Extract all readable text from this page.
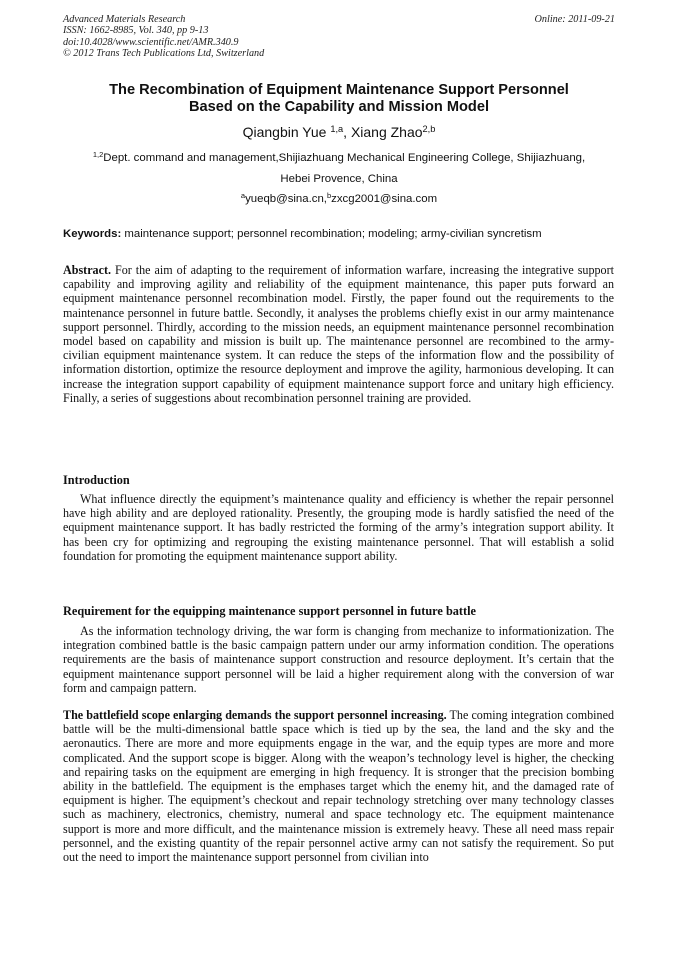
Advanced Materials Research
ISSN: 1662-8985, Vol. 340, pp 9-13
doi:10.4028/www.scientific.net/AMR.340.9
© 2012 Trans Tech Publications Ltd, Switzerland
Online: 2011-09-21
The Recombination of Equipment Maintenance Support Personnel
Based on the Capability and Mission Model
Qiangbin Yue $^{1,a}$, Xiang Zhao$^{2,b}$
$^{1,2}$Dept. command and management,Shijiazhuang Mechanical Engineering College, Shijiazhuang,
Hebei Provence, China
$^a$yueqb@sina.cn,$^b$zxcg2001@sina.com
Keywords: maintenance support; personnel recombination; modeling; army-civilian syncretism
Abstract. For the aim of adapting to the requirement of information warfare, increasing the integrative support capability and improving agility and reliability of the equipment maintenance, this paper puts forward an equipment maintenance personnel recombination model. Firstly, the paper found out the requirements to the maintenance personnel in future battle. Secondly, it analyses the problems chiefly exist in our army maintenance support personnel. Thirdly, according to the mission needs, an equipment maintenance personnel recombination model based on capability and mission is built up. The maintenance personnel are recombined to the army-civilian equipment maintenance system. It can reduce the steps of the information flow and the possibility of information distortion, optimize the resource deployment and improve the agility, harmonious developing. It can increase the integration support capability of equipment maintenance support force and unitary high efficiency. Finally, a series of suggestions about recombination personnel training are provided.
Introduction
What influence directly the equipment’s maintenance quality and efficiency is whether the repair personnel have high ability and are deployed rationality. Presently, the grouping mode is hardly satisfied the need of the equipment maintenance support. It has badly restricted the forming of the army’s integration support ability. It has been cry for optimizing and regrouping the existing maintenance personnel. That will establish a solid foundation for promoting the equipment maintenance support ability.
Requirement for the equipping maintenance support personnel in future battle
As the information technology driving, the war form is changing from mechanize to informationization. The integration combined battle is the basic campaign pattern under our army information condition. The operations requirements are the basis of maintenance support construction and resource deployment. It’s certain that the equipment maintenance support personnel will be laid a higher requirement along with the conversion of war form and campaign pattern.
The battlefield scope enlarging demands the support personnel increasing. The coming integration combined battle will be the multi-dimensional battle space which is tied up by the sea, the land and the sky and the aeronautics. There are more and more equipments engage in the war, and the equip types are more and more complicated. And the support scope is bigger. Along with the weapon’s technology level is higher, the checking and repairing tasks on the equipment are emerging in high frequency. It is stronger that the precision bombing ability in the battlefield. The equipment is the emphases target which the enemy hit, and the damaged rate of equipment is higher. The equipment’s checkout and repair technology stretching over many technology classes such as machinery, electronics, chemistry, numeral and space technology etc. The equipment maintenance support is more and more difficult, and the maintenance mission is extremely heavy. These all need mass repair personnel, and the existing quantity of the repair personnel active army can not satisfy the requirement. So put out the need to import the maintenance support personnel from civilian into
